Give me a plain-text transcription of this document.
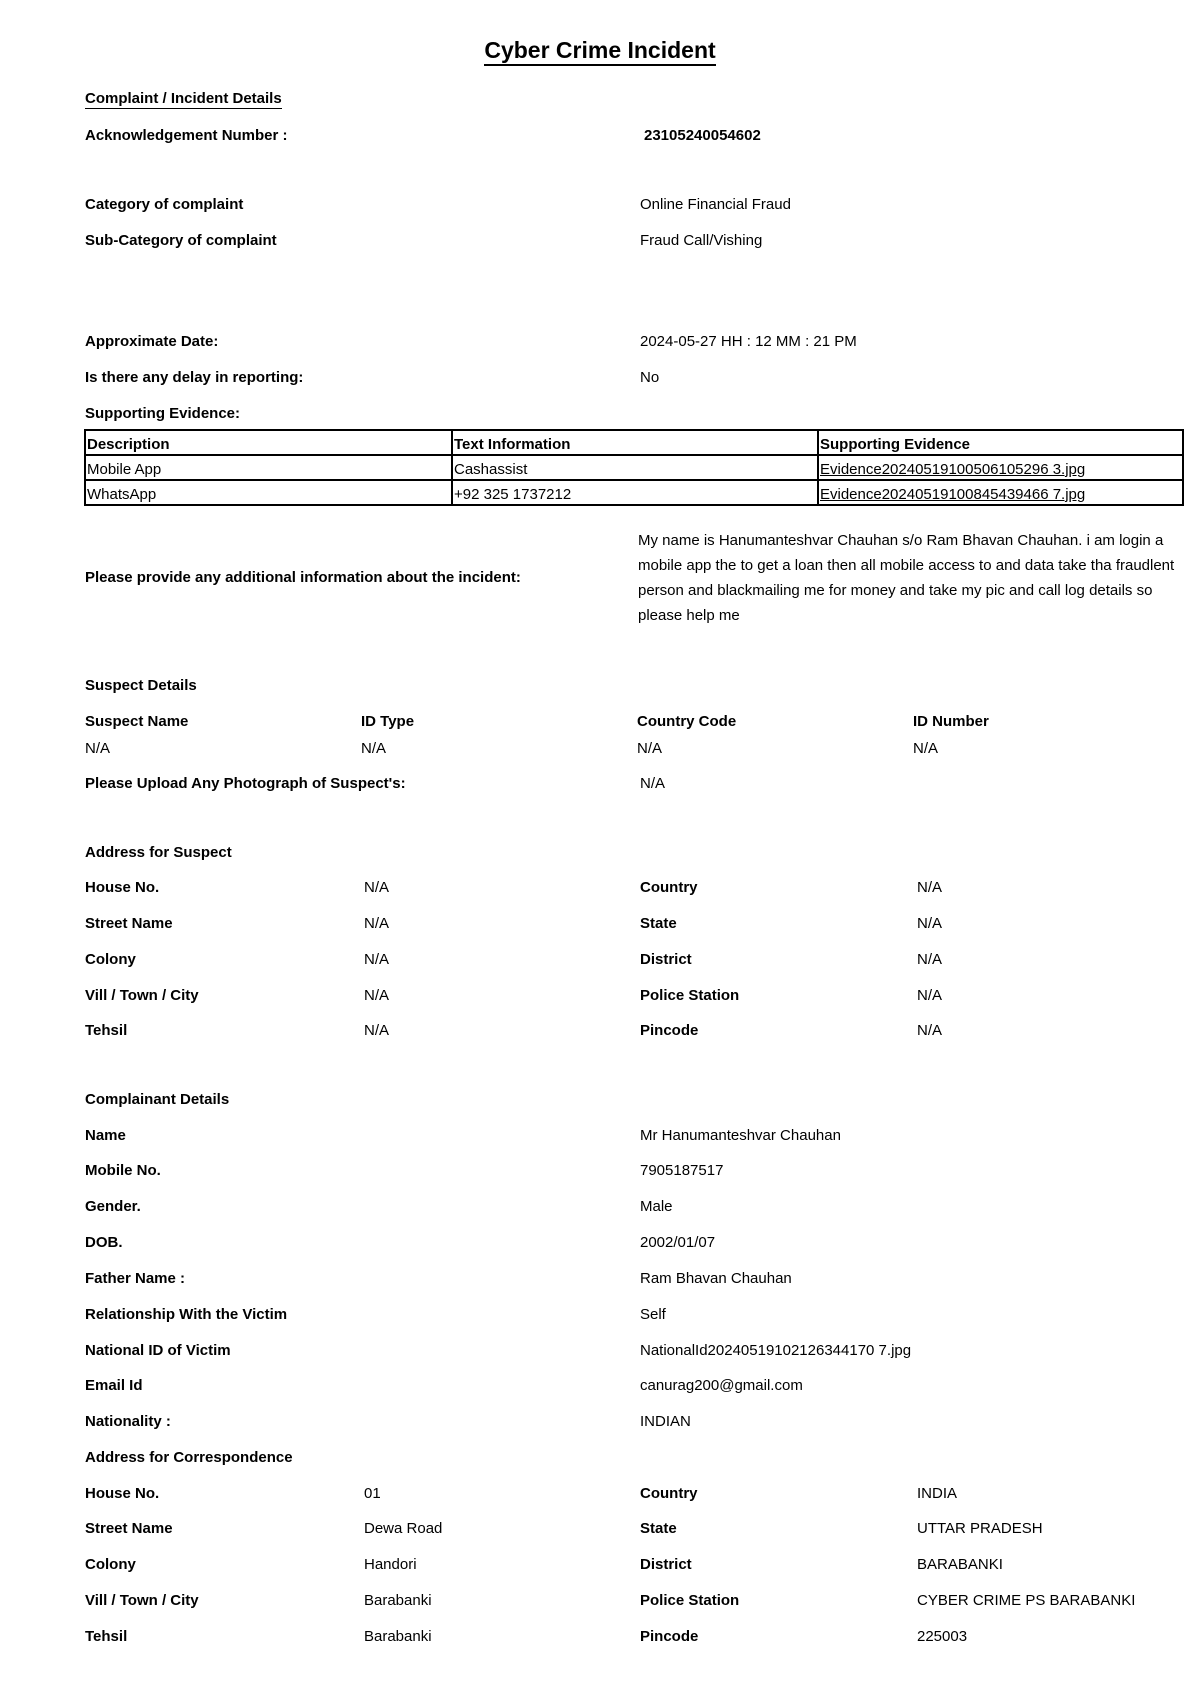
Cyber Crime Incident
Complaint / Incident Details
Acknowledgement Number :	23105240054602
Category of complaint	Online Financial Fraud
Sub-Category of complaint	Fraud Call/Vishing
Approximate Date:	2024-05-27 HH : 12 MM : 21 PM
Is there any delay in reporting:	No
Supporting Evidence:
Description	Text Information	Supporting Evidence
Mobile App	Cashassist	Evidence20240519100506105296 3.jpg
WhatsApp	+92 325 1737212	Evidence20240519100845439466 7.jpg
Please provide any additional information about the incident:
My name is Hanumanteshvar Chauhan s/o Ram Bhavan Chauhan. i am login a mobile app the to get a loan then all mobile access to and data take tha fraudlent person and blackmailing me for money and take my pic and call log details so please help me
Suspect Details
Suspect Name	ID Type	Country Code	ID Number
N/A	N/A	N/A	N/A
Please Upload Any Photograph of Suspect's:	N/A
Address for Suspect
House No.	N/A	Country	N/A
Street Name	N/A	State	N/A
Colony	N/A	District	N/A
Vill / Town / City	N/A	Police Station	N/A
Tehsil	N/A	Pincode	N/A
Complainant Details
Name	Mr Hanumanteshvar Chauhan
Mobile No.	7905187517
Gender.	Male
DOB.	2002/01/07
Father Name :	Ram Bhavan Chauhan
Relationship With the Victim	Self
National ID of Victim	NationalId20240519102126344170 7.jpg
Email Id	canurag200@gmail.com
Nationality :	INDIAN
Address for Correspondence
House No.	01	Country	INDIA
Street Name	Dewa Road	State	UTTAR PRADESH
Colony	Handori	District	BARABANKI
Vill / Town / City	Barabanki	Police Station	CYBER CRIME PS BARABANKI
Tehsil	Barabanki	Pincode	225003
